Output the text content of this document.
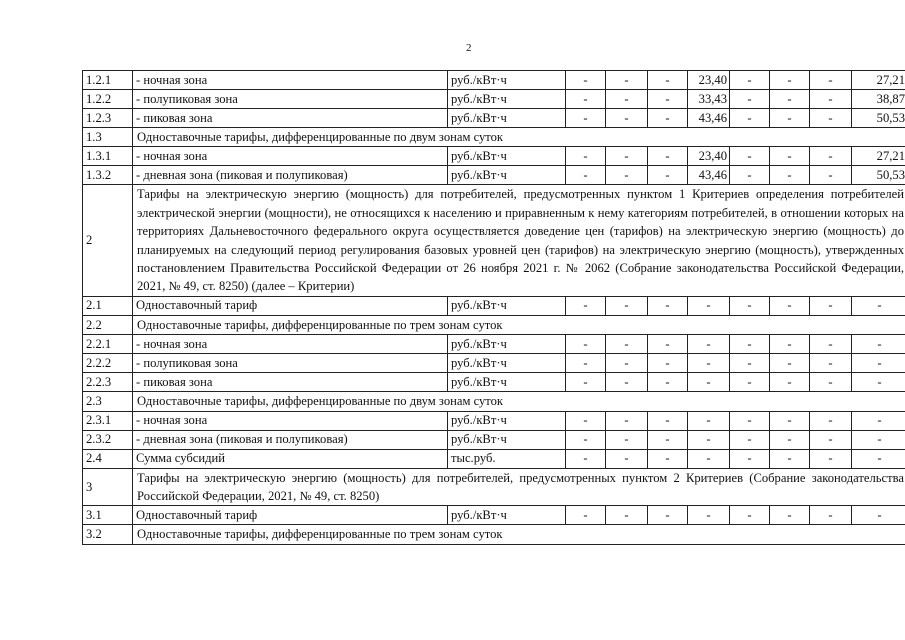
2
1.2.1	- ночная зона	руб./кВт·ч	-	-	-	23,40	-	-	-	27,21
1.2.2	- полупиковая зона	руб./кВт·ч	-	-	-	33,43	-	-	-	38,87
1.2.3	- пиковая зона	руб./кВт·ч	-	-	-	43,46	-	-	-	50,53
1.3	Одноставочные тарифы, дифференцированные по двум зонам суток									
1.3.1	- ночная зона	руб./кВт·ч	-	-	-	23,40	-	-	-	27,21
1.3.2	- дневная зона (пиковая и полупиковая)	руб./кВт·ч	-	-	-	43,46	-	-	-	50,53
2	Тарифы на электрическую энергию (мощность) для потребителей, предусмотренных пунктом 1 Критериев определения потребителей электрической энергии (мощности), не относящихся к населению и приравненным к нему категориям потребителей, в отношении которых на территориях Дальневосточного федерального округа осуществляется доведение цен (тарифов) на электрическую энергию (мощность) до планируемых на следующий период регулирования базовых уровней цен (тарифов) на электрическую энергию (мощность), утвержденных постановлением Правительства Российской Федерации от 26 ноября 2021 г. № 2062 (Собрание законодательства Российской Федерации, 2021, № 49, ст. 8250) (далее – Критерии)									
2.1	Одноставочный тариф	руб./кВт·ч	-	-	-	-	-	-	-	-
2.2	Одноставочные тарифы, дифференцированные по трем зонам суток									
2.2.1	- ночная зона	руб./кВт·ч	-	-	-	-	-	-	-	-
2.2.2	- полупиковая зона	руб./кВт·ч	-	-	-	-	-	-	-	-
2.2.3	- пиковая зона	руб./кВт·ч	-	-	-	-	-	-	-	-
2.3	Одноставочные тарифы, дифференцированные по двум зонам суток									
2.3.1	- ночная зона	руб./кВт·ч	-	-	-	-	-	-	-	-
2.3.2	- дневная зона (пиковая и полупиковая)	руб./кВт·ч	-	-	-	-	-	-	-	-
2.4	Сумма субсидий	тыс.руб.	-	-	-	-	-	-	-	-
3	Тарифы на электрическую энергию (мощность) для потребителей, предусмотренных пунктом 2 Критериев (Собрание законодательства Российской Федерации, 2021, № 49, ст. 8250)									
3.1	Одноставочный тариф	руб./кВт·ч	-	-	-	-	-	-	-	-
3.2	Одноставочные тарифы, дифференцированные по трем зонам суток									
